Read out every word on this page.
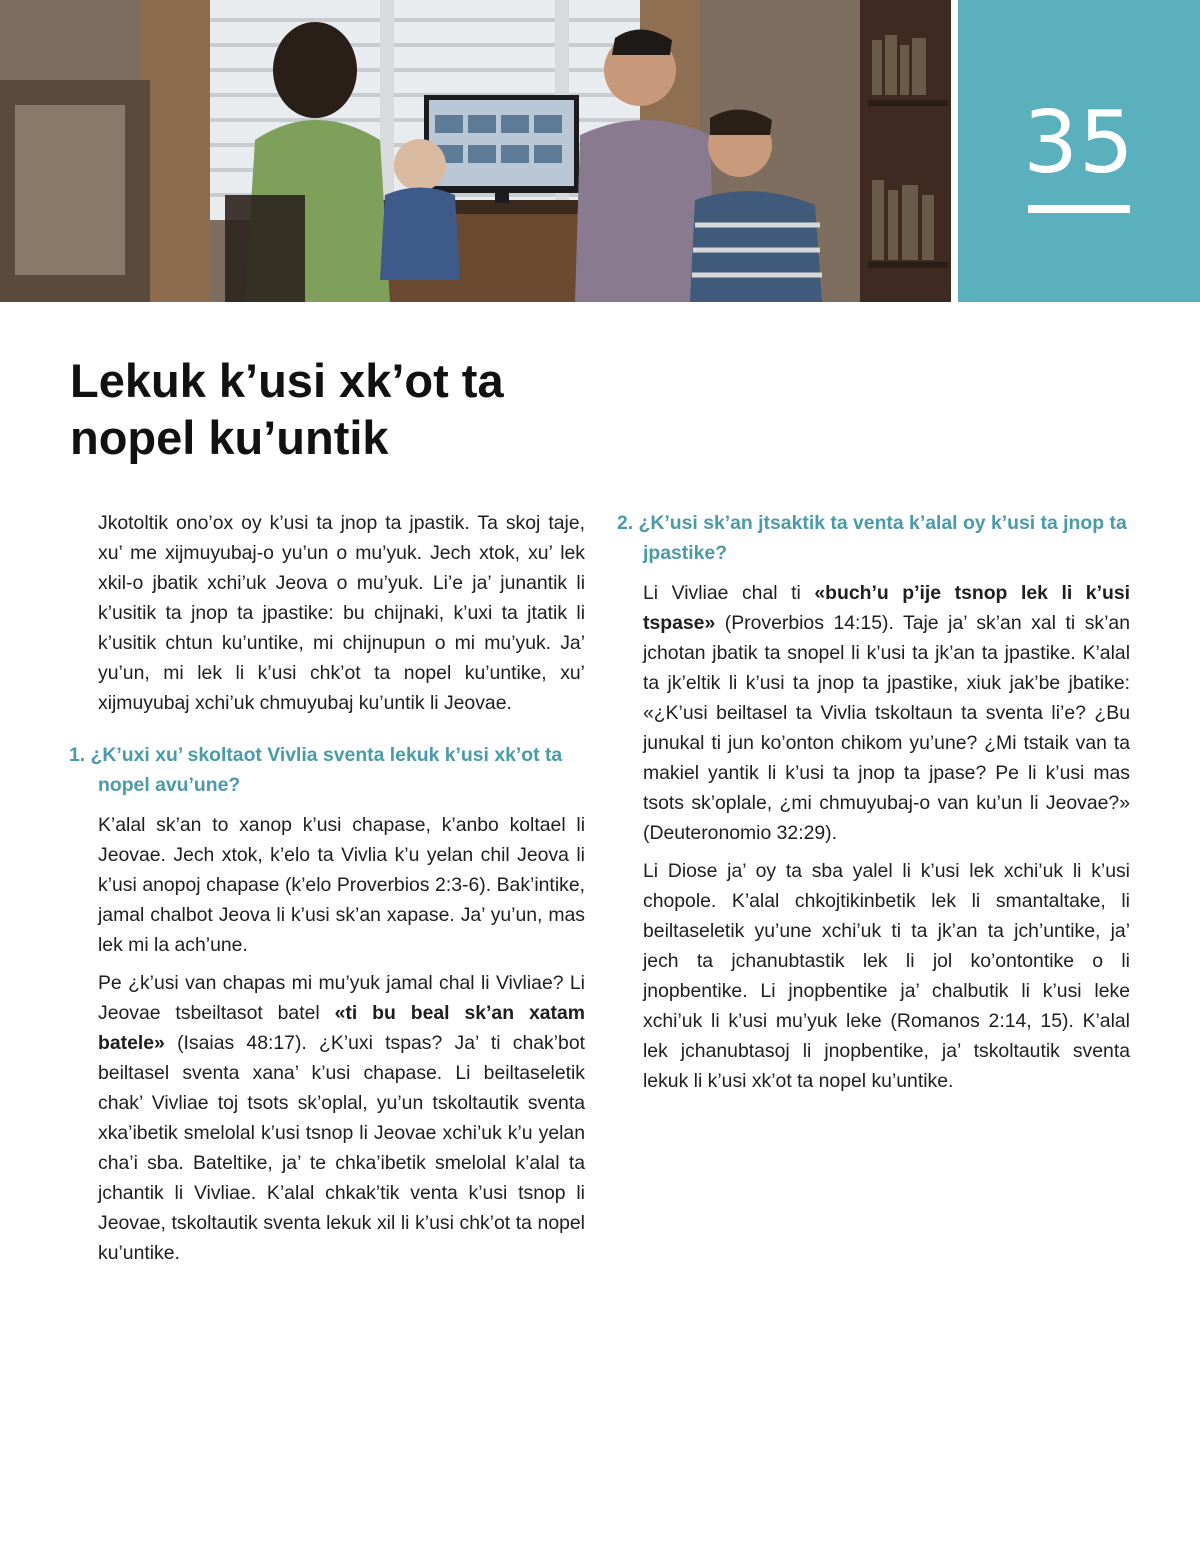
35
Lekuk k’usi xk’ot ta nopel ku’untik

Jkotoltik ono’ox oy k’usi ta jnop ta jpastik. Ta skoj taje, xu’ me xijmuyubaj-o yu’un o mu’yuk. Jech xtok, xu’ lek xkil-o jbatik xchi’uk Jeova o mu’yuk. Li’e ja’ junantik li k’usitik ta jnop ta jpastike: bu chijnaki, k’uxi ta jtatik li k’usitik chtun ku’untike, mi chijnupun o mi mu’yuk. Ja’ yu’un, mi lek li k’usi chk’ot ta nopel ku’untike, xu’ xijmuyubaj xchi’uk chmuyubaj ku’untik li Jeovae.

1. ¿K’uxi xu’ skoltaot Vivlia sventa lekuk k’usi xk’ot ta nopel avu’une?

K’alal sk’an to xanop k’usi chapase, k’anbo koltael li Jeovae. Jech xtok, k’elo ta Vivlia k’u yelan chil Jeova li k’usi anopoj chapase (k’elo Proverbios 2:3-6). Bak’intike, jamal chalbot Jeova li k’usi sk’an xapase. Ja’ yu’un, mas lek mi la ach’une.

Pe ¿k’usi van chapas mi mu’yuk jamal chal li Vivliae? Li Jeovae tsbeiltasot batel «ti bu beal sk’an xatam batele» (Isaias 48:17). ¿K’uxi tspas? Ja’ ti chak’bot beiltasel sventa xana’ k’usi chapase. Li beiltaseletik chak’ Vivliae toj tsots sk’oplal, yu’un tskoltautik sventa xka’ibetik smelolal k’usi tsnop li Jeovae xchi’uk k’u yelan cha’i sba. Bateltike, ja’ te chka’ibetik smelolal k’alal ta jchantik li Vivliae. K’alal chkak’tik venta k’usi tsnop li Jeovae, tskoltautik sventa lekuk xil li k’usi chk’ot ta nopel ku’untike.

2. ¿K’usi sk’an jtsaktik ta venta k’alal oy k’usi ta jnop ta jpastike?

Li Vivliae chal ti «buch’u p’ije tsnop lek li k’usi tspase» (Proverbios 14:15). Taje ja’ sk’an xal ti sk’an jchotan jbatik ta snopel li k’usi ta jk’an ta jpastike. K’alal ta jk’eltik li k’usi ta jnop ta jpastike, xiuk jak’be jbatike: «¿K’usi beiltasel ta Vivlia tskoltaun ta sventa li’e? ¿Bu junukal ti jun ko’onton chikom yu’une? ¿Mi tstaik van ta makiel yantik li k’usi ta jnop ta jpase? Pe li k’usi mas tsots sk’oplale, ¿mi chmuyubaj-o van ku’un li Jeovae?» (Deuteronomio 32:29).

Li Diose ja’ oy ta sba yalel li k’usi lek xchi’uk li k’usi chopole. K’alal chkojtikinbetik lek li smantaltake, li beiltaseletik yu’une xchi’uk ti ta jk’an ta jch’untike, ja’ jech ta jchanubtastik lek li jol ko’ontontike o li jnopbentike. Li jnopbentike ja’ chalbutik li k’usi leke xchi’uk li k’usi mu’yuk leke (Romanos 2:14, 15). K’alal lek jchanubtasoj li jnopbentike, ja’ tskoltautik sventa lekuk li k’usi xk’ot ta nopel ku’untike.
